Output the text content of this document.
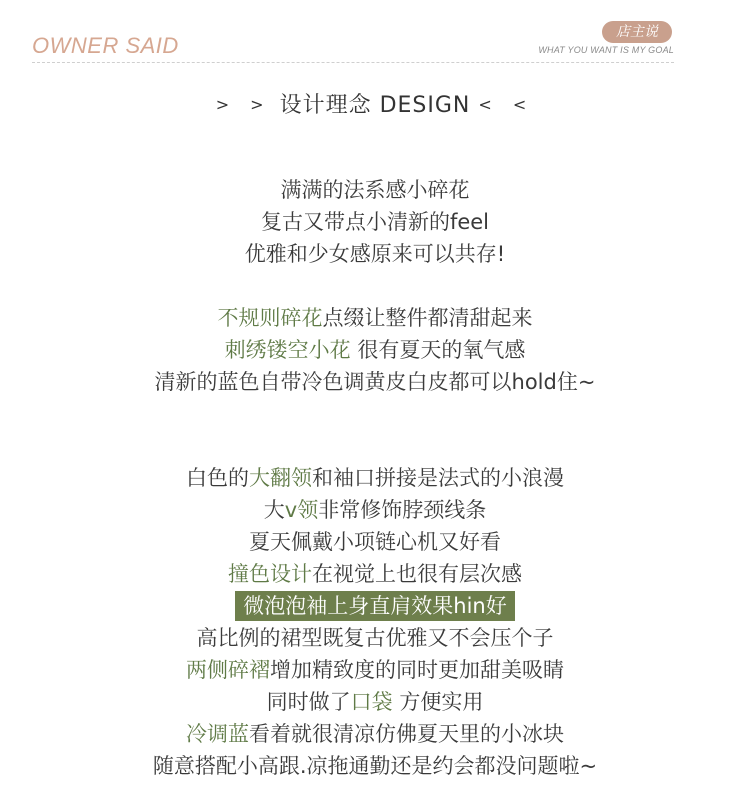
OWNER SAID
店主说
WHAT YOU WANT IS MY GOAL
> > 设计理念 DESIGN < <
满满的法系感小碎花
复古又带点小清新的feel
优雅和少女感原来可以共存!
不规则碎花点缀让整件都清甜起来
刺绣镂空小花 很有夏天的氧气感
清新的蓝色自带冷色调黄皮白皮都可以hold住~
白色的大翻领和袖口拼接是法式的小浪漫
大v领非常修饰脖颈线条
夏天佩戴小项链心机又好看
撞色设计在视觉上也很有层次感
微泡泡袖上身直肩效果hin好
高比例的裙型既复古优雅又不会压个子
两侧碎褶增加精致度的同时更加甜美吸睛
同时做了口袋 方便实用
冷调蓝看着就很清凉仿佛夏天里的小冰块
随意搭配小高跟.凉拖通勤还是约会都没问题啦~
